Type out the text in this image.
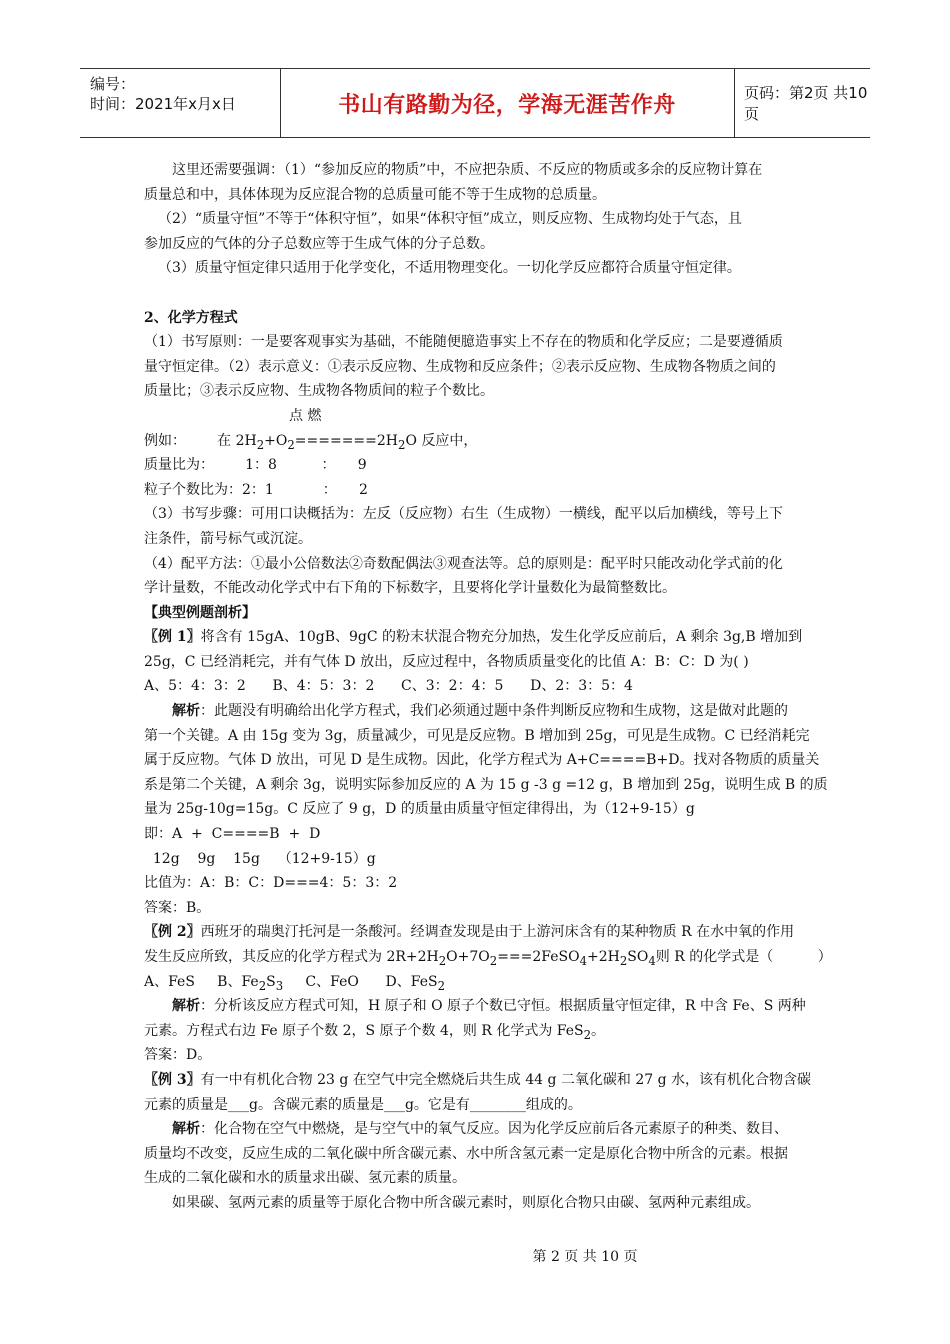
编号：
时间：2021年x月x日	书山有路勤为径，学海无涯苦作舟	页码：第2页 共10页
这里还需要强调：（1）“参加反应的物质”中，不应把杂质、不反应的物质或多余的反应物计算在
质量总和中，具体体现为反应混合物的总质量可能不等于生成物的总质量。
（2）“质量守恒”不等于“体积守恒”，如果“体积守恒”成立，则反应物、生成物均处于气态，且
参加反应的气体的分子总数应等于生成气体的分子总数。
（3）质量守恒定律只适用于化学变化，不适用物理变化。一切化学反应都符合质量守恒定律。
2、化学方程式
（1）书写原则：一是要客观事实为基础，不能随便臆造事实上不存在的物质和化学反应；二是要遵循质
量守恒定律。（2）表示意义：①表示反应物、生成物和反应条件；②表示反应物、生成物各物质之间的
质量比；③表示反应物、生成物各物质间的粒子个数比。
点 燃
例如：       在 $2H_2+O_2=======2H_2O$ 反应中，
质量比为：       1：8          ：     9
粒子个数比为：2：1           ：     2
（3）书写步骤：可用口诀概括为：左反（反应物）右生（生成物）一横线，配平以后加横线，等号上下
注条件，箭号标气或沉淀。
（4）配平方法：①最小公倍数法②奇数配偶法③观查法等。总的原则是：配平时只能改动化学式前的化
学计量数，不能改动化学式中右下角的下标数字，且要将化学计量数化为最简整数比。
【典型例题剖析】
〖例 1〗将含有 15gA、10gB、9gC 的粉末状混合物充分加热，发生化学反应前后，A 剩余 3g,B 增加到
25g，C 已经消耗完，并有气体 D 放出，反应过程中，各物质质量变化的比值 A：B：C：D 为( )
A、5：4：3：2      B、4：5：3：2      C、3：2：4：5      D、2：3：5：4
解析：此题没有明确给出化学方程式，我们必须通过题中条件判断反应物和生成物，这是做对此题的
第一个关键。A 由 15g 变为 3g，质量减少，可见是反应物。B 增加到 25g，可见是生成物。C 已经消耗完
属于反应物。气体 D 放出，可见 D 是生成物。因此，化学方程式为 A+C====B+D。找对各物质的质量关
系是第二个关键，A 剩余 3g，说明实际参加反应的 A 为 15 g -3 g =12 g，B 增加到 25g，说明生成 B 的质
量为 25g-10g=15g。C 反应了 9 g，D 的质量由质量守恒定律得出，为（12+9-15）g
即：A  +  C====B  +  D
12g    9g    15g    （12+9-15）g
比值为：A：B：C：D===4：5：3：2
答案：B。
〖例 2〗西班牙的瑞奥汀托河是一条酸河。经调查发现是由于上游河床含有的某种物质 R 在水中氧的作用
发生反应所致，其反应的化学方程式为 $2R+2H_2O+7O_2===2FeSO_4+2H_2SO_4$则 R 的化学式是（          ）
A、FeS     B、$Fe_2S_3$     C、FeO      D、FeS$_2$
解析：分析该反应方程式可知，H 原子和 O 原子个数已守恒。根据质量守恒定律，R 中含 Fe、S 两种
元素。方程式右边 Fe 原子个数 2，S 原子个数 4，则 R 化学式为 FeS$_2$。
答案：D。
〖例 3〗有一中有机化合物 23 g 在空气中完全燃烧后共生成 44 g 二氧化碳和 27 g 水，该有机化合物含碳
元素的质量是___g。含碳元素的质量是___g。它是有________组成的。
解析：化合物在空气中燃烧，是与空气中的氧气反应。因为化学反应前后各元素原子的种类、数目、
质量均不改变，反应生成的二氧化碳中所含碳元素、水中所含氢元素一定是原化合物中所含的元素。根据
生成的二氧化碳和水的质量求出碳、氢元素的质量。
如果碳、氢两元素的质量等于原化合物中所含碳元素时，则原化合物只由碳、氢两种元素组成。
第 2 页 共 10 页
